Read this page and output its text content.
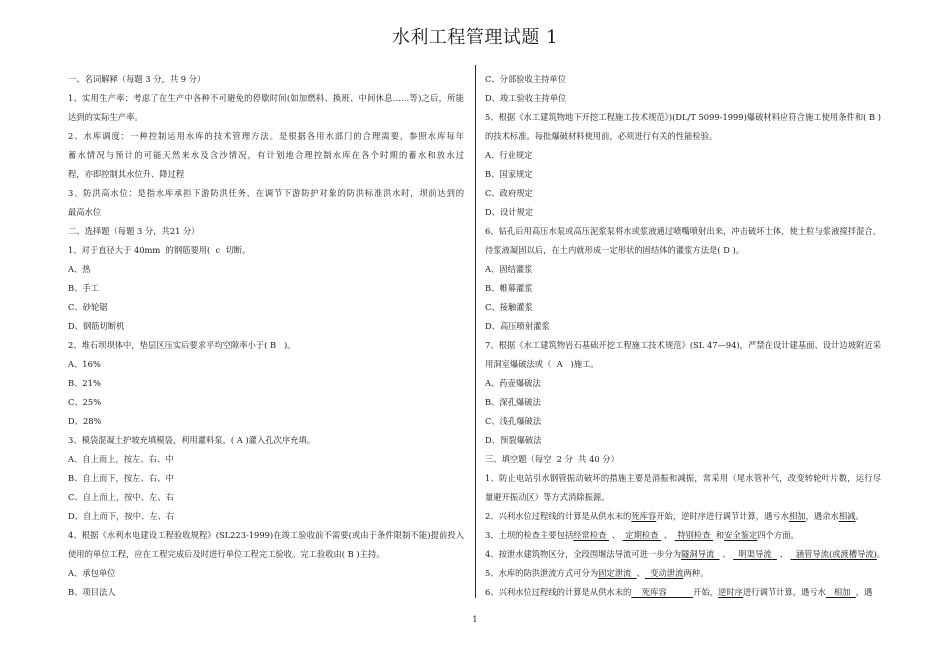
水利工程管理试题 1
一、名词解释（每题 3 分，共 9 分）
1、实用生产率：考虑了在生产中各种不可避免的停歇时间(如加燃料、换班、中间休息……等)之后，所能
达到的实际生产率。
2、水库调度：一种控制运用水库的技术管理方法。是根据各用水部门的合理需要，参照水库每年
蓄水情况与预计的可能天然来水及含沙情况，有计划地合理控制水库在各个时期的蓄水和放水过
程，亦即控制其水位升、降过程
3、防洪高水位：是指水库承担下游防洪任务，在调节下游防护对象的防洪标准洪水时，坝前达到的
最高水位
二、选择题（每题 3 分，共21 分）
1、对于直径大于 40mm  的钢筋要用(  c  切断。
A、热
B、手工
C、砂轮锯
D、钢筋切断机
2、堆石坝坝体中，垫层区压实后要求平均空隙率小于( B   )。
A、16%
B、21%
C、25%
D、28%
3、模袋混凝土护坡充填模袋，利用灌料泵，( A )灌入孔次序充填。
A、自上而上，按左、右、中
B、自上而下，按左、右、中
C、自上而上，按中、左、右
D、自上而下，按中、左、右
4、根据《水利水电建设工程验收规程》(SL223-1999)在竣工验收前不需要(或由于条件限制不能)提前投入
使用的单位工程，应在工程完成后及时进行单位工程完工验收。完工验收由( B )主持。
A、承包单位
B、项目法人
C、分部验收主持单位
D、竣工验收主持单位
5、根据《水工建筑物地下开挖工程施工技术规范》)(DL/T 5099-1999)爆破材料应符合施工使用条件和( B )
的技术标准。每批爆破材料使用前，必须进行有关的性能检验。
A、行业规定
B、国家规定
C、政府规定
D、设计规定
6、钻孔后用高压水泵或高压泥浆泵将水或浆液通过喷嘴喷射出来，冲击破坏土体，使土粒与浆液搅拌混合，
待浆液凝固以后，在土内就形成一定形状的固结体的灌浆方法是( D )。
A、固结灌浆
B、帷幕灌浆
C、接触灌浆
D、高压喷射灌浆
7、根据《水工建筑物岩石基础开挖工程施工技术规范》(SL 47—94)，严禁在设计建基面、设计边坡附近采
用洞室爆破法或（  A   )施工。
A、药壶爆破法
B、深孔爆破法
C、浅孔爆破法
D、预裂爆破法
三、填空题（每空  2 分  共 40 分）
1、防止电站引水钢管振动破坏的措施主要是消振和减振，常采用（尾水管补气，改变转轮叶片数，运行尽
量避开振动区）等方式消除振源。
2、兴利水位过程线的计算是从供水末的死库容开始，逆时序进行调节计算，遇亏水相加，遇余水相减。
3、土坝的检查主要包括经常检查  、  定期检查  、  特别检查  和安全鉴定四个方面。
4、按泄水建筑物区分，全段围堰法导流可进一步分为隧洞导流   、   明渠导流   、   涵管导流(或渡槽导流)。
5、水库的防洪泄流方式可分为固定泄流  、  变动泄流两种。
6、兴利水位过程线的计算是从供水末的    死库容          开始，逆时序进行调节计算，遇亏水   相加  ，遇
1
